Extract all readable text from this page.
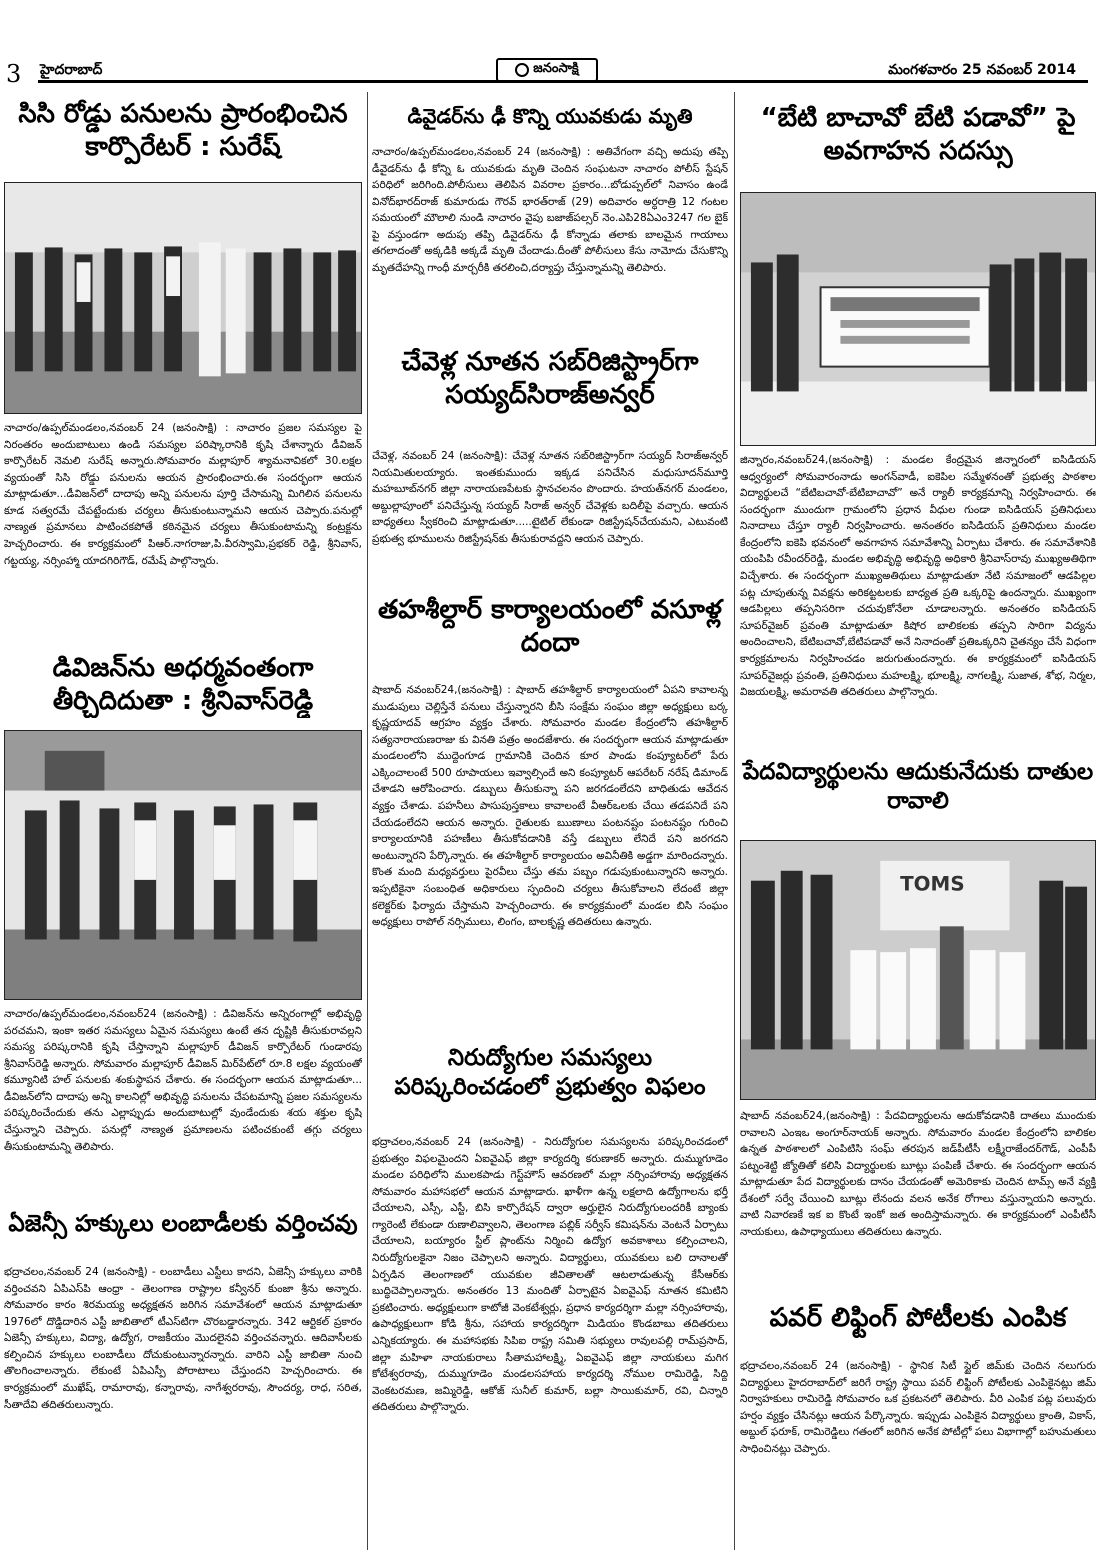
3 హైదరాబాద్	జనంసాక్షి	మంగళవారం 25 నవంబర్ 2014
సిసి రోడ్డు పనులను ప్రారంభించిన కార్పొరేటర్ : సురేష్
నాచారం/ఉప్పల్‌మండలం,నవంబర్ 24 (జనంసాక్షి) : నాచారం ప్రజల సమస్యల పై నిరంతరం అందుబాటులు ఉండి సమస్యల పరిష్కారానికి కృషి చేశాన్నారు డీవిజన్ కార్పొరేటర్ నెమలి సురేష్ అన్నారు.సోమవారం మల్లాపూర్ శ్యామనావికలో 30.లక్షల వ్యయంతో సిసి రోడ్డు పనులను ఆయన ప్రారంభించారు.ఈ సందర్భంగా ఆయన మాట్లాడుతూ...డీవిజన్‌లో దాదాపు అన్ని పనులను పూర్తి చేసామన్ని మిగిలిన పనులను కూడ సత్వరమే చేపట్టేందుకు చర్యలు తీసుకుంటున్నామని ఆయన చెప్పారు.పనుల్లో నాణ్యత ప్రమానలు పాటించకపోతే కఠినమైన చర్యలు తీసుకుంటామన్ని కంట్రక్టను హెచ్చరించారు. ఈ కార్యక్రమంలో పిఆర్.నాగరాజు,పి.వీరస్వామి,ప్రభకర్ రెడ్డి, శ్రీనివాస్, గట్టయ్య, నర్సింహ్మా యాదగిరిగౌడ్, రమేష్ పాల్గొన్నారు.
డివిజన్‌ను అధర్మవంతంగా తీర్చిదిదుతా : శ్రీనివాస్‌రెడ్డి
నాచారం/ఉప్పల్‌మండలం,నవంబర్24 (జనంసాక్షి) : డివిజన్‌ను అన్నిరంగాల్లో అభివృద్ధి పరచమని, ఇంకా ఇతర సమస్యలు ఏమైన సమస్యలు ఉంటే తన దృష్టికి తీసుకురావల్లని సమస్య పరిష్కరానికి కృషి చేస్తాన్నాని మల్లాపూర్ డీవిజన్ కార్పొరేటర్ గుండారపు శ్రీనివాస్‌రెడ్డి అన్నారు. సోమవారం మల్లాపూర్ డీవిజన్ మిర్‌పేట్‌లో రూ.8 లక్షల వ్యయంతో కమ్యూనిటి హల్ పనులకు శంకుస్థాపన చేశారు. ఈ సందర్భంగా ఆయన మాట్లాడుతూ... డీవిజన్‌లోని దాదాపు అన్ని కాలనిల్లో అభివృద్ధి పనులను చేపటమాన్ని ప్రజల సమస్యలను పరిష్కరించేందుకు తను ఎల్లాప్పుడు అందుబాటుల్లో వుండేందుకు శయ శక్తుల కృషి చేస్తున్నాని చెప్పారు. పనుల్లో నాణ్యత ప్రమాణలను పటించకుంటే తగ్గు చర్యలు తీసుకుంటామన్ని తెలిపారు.
ఏజెన్సీ హక్కులు లంబాడీలకు వర్తించవు
భద్రాచలం,నవంబర్ 24 (జనంసాక్షి) - లంబాడీలు ఎస్టీలు కాదని, ఏజెన్సీ హక్కులు వారికి వర్తించవని ఏపిఎస్‌పి ఆంధ్రా - తెలంగాణ రాష్ట్రాల కన్వీనర్ కుంజా శ్రీను అన్నారు. సోమవారం కారం శిరమయ్య అధ్యక్షతన జరిగిన సమావేశంలో ఆయన మాట్లాడుతూ 1976లో దొడ్డిదారిన ఎస్టీ జాబితాలో టీఎస్‌టిగా చొరబడ్డారన్నారు. 342 ఆర్టికల్ ప్రకారం ఏజెన్సీ హక్కులు, విద్యా, ఉద్యోగ, రాజకీయం మొదలైనవి వర్తించవన్నారు. ఆదివాసీలకు కల్పించిన హక్కులు లంబాడీలు దోచుకుంటున్నారన్నారు. వారిని ఎస్టీ జాబితా నుంచి తొలగించాలన్నారు. లేకుంటే ఏపిఎస్పీ పోరాటాలు చేస్తుందని హెచ్చరించారు. ఈ కార్యక్రమంలో ముఖేష్, రామారావు, కన్నారావు, నాగేశ్వరరావు, సౌందర్య, రాధ, సరిత, సీతాదేవి తదితరులున్నారు.
డివైడర్‌ను ఢీ కొన్ని యువకుడు మృతి
నాచారం/ఉప్పల్‌మండలం,నవంబర్ 24 (జనంసాక్షి) : అతివేగంగా వచ్చి అదుపు తప్పి డీవైడర్‌ను ఢీ కోన్ని ఓ యువకుడు మృతి చెందిన సంఘటనా నాచారం పోలీస్ స్టేషన్ పరిధిలో జరిగింది.పోలీసులు తెలిపిన వివరాల ప్రకారం...బోడుప్పల్‌లో నివాసం ఉండే వినోద్‌భారద్‌రాజ్ కుమారుడు గౌరవ్ భారత్‌రాజ్ (29) అదివారం అర్ధరాత్రి 12 గంటల సమయంలో మౌలాలి నుండి నాచారం వైపు బజాజ్‌పల్సర్ నెం.ఎపి28ఏఎం3247 గల బైక్ పై వస్తుండగా అదుపు తప్పి డివైడర్‌ను ఢీ కోన్నాడు తలాకు బాలమైన గాయాలు తగలాదంతో అక్కడికి అక్కడే మృతి చేందాడు.దీంతో పోలీసులు కేసు నామోదు చేసుకొన్ని మృతదేహన్ని గాంధీ మార్చరీకి తరలించి,దర్యాప్తు చేస్తున్నామన్ని తెలిపారు.
చేవెళ్ల నూతన సబ్‌రిజిస్ట్రార్‌గా సయ్యద్‌సిరాజ్‌అన్వర్
చేవెళ్ల, నవంబర్ 24 (జనంసాక్షి): చేవెళ్ల నూతన సబ్‌రిజిస్ట్రార్‌గా సయ్యద్ సిరాజ్‌అన్వర్ నియమితులయ్యారు. ఇంతకుముందు ఇక్కడ పనిచేసిన మధుసూదన్‌మూర్తి మహబూబ్‌నగర్ జిల్లా నారాయణపేటకు స్థానచలనం పొందారు. హయత్‌నగర్ మండలం, అబ్దుల్లాపూంలో పనిచేస్తున్న సయ్యద్ సిరాజ్ అన్వర్ చేవెళ్లకు బదిలీపై వచ్చారు. ఆయన బాధ్యతలు స్వీకరించి మాట్లాడుతూ.....టైటిల్ లేకుండా రిజిస్ట్రేషన్‌చేయమని, ఎటువంటి ప్రభుత్వ భూములను రిజిస్ట్రేషన్‌కు తీసుకురావద్దని ఆయన చెప్పారు.
తహశీల్దార్ కార్యాలయంలో వసూళ్ల దందా
షాబాద్ నవంబర్24,(జనంసాక్షి) : షాబాద్ తహశీల్దార్ కార్యాలయంలో ఏపని కావాలన్న ముడుపులు చెల్లిస్తేనే పనులు చేస్తున్నారని బీసి సంక్షేమ సంఘం జిల్లా అధ్యక్షులు బర్క కృష్ణయాదవ్ ఆగ్రహం వ్యక్తం చేశారు. సోమవారం మండల కేంద్రంలోని తహశీల్దార్ సత్యనారాయణరాజు కు వినతి పత్రం అందజేశారు. ఈ సందర్భంగా ఆయన మాట్లాడుతూ మండలంలోని ముద్దెంగూడ గ్రామానికి చెందిన కూర పాండు కంప్యూటర్‌లో పేరు ఎక్కించాలంటే 500 రూపాయలు ఇవ్వాల్సిందే అని కంప్యూటర్ ఆపరేటర్ నరేష్ డిమాండ్ చేశాడని ఆరోపించారు. డబ్బులు తీసుకున్నా పని జరగడంలేదని బాధితుడు ఆవేదన వ్యక్తం చేశాడు. పహనీలు పాసుపుస్తకాలు కావాలంటే వీఆర్‌ఒలకు చేయి తడపనిదే పని చేయడంలేదని ఆయన అన్నారు. రైతులకు ఋణాలు పంటనష్టం పంటనష్టం గురించి కార్యాలయానికి పహణీలు తీసుకోవడానికి వస్తే డబ్బులు లేనిదే పని జరగదని అంటున్నారని పేర్కొన్నారు. ఈ తహశీల్దార్ కార్యాలయం అవినీతికి అడ్డగా మారిందన్నారు. కొంత మంది మధ్యవర్తులు పైరవీలు చేస్తు తమ పబ్బం గడుపుకుంటున్నారని అన్నారు. ఇప్పటికైనా సంబంధిత అధికారులు స్పందించి చర్యలు తీసుకోవాలని లేదంటే జిల్లా కలెక్టర్‌కు ఫిర్యాదు చేస్తామని హెచ్చరించారు. ఈ కార్యక్రమంలో మండల బిసి సంఘం అధ్యక్షులు రాపోల్ నర్సిములు, లింగం, బాలకృష్ణ తదితరులు ఉన్నారు.
నిరుద్యోగుల సమస్యలు పరిష్కరించడంలో ప్రభుత్వం విఫలం
భద్రాచలం,నవంబర్ 24 (జనంసాక్షి) - నిరుద్యోగుల సమస్యలను పరిష్కరించడంలో ప్రభుత్వం విఫలమైందని ఏఐవైఎఫ్ జిల్లా కార్యదర్శి కరుణాకర్ అన్నారు. దుమ్ముగూడెం మండల పరిధిలోని ములకపాడు గెస్ట్‌హౌస్ ఆవరణలో మల్లా నర్సింహారావు అధ్యక్షతన సోమవారం మహాసభలో ఆయన మాట్లాడారు. ఖాళీగా ఉన్న లక్షలాది ఉద్యోగాలను భర్తీ చేయాలని, ఎస్సీ, ఎస్టీ, బిసి కార్పొరేషన్ ద్వారా అర్హులైన నిరుద్యోగులందరికీ బ్యాంకు గ్యారెంటీ లేకుండా రుణాలివ్వాలని, తెలంగాణ పబ్లిక్ సర్వీస్ కమిషన్‌ను వెంటనే ఏర్పాటు చేయాలని, బయ్యారం స్టీల్ ప్లాంట్‌ను నిర్మించి ఉద్యోగ అవకాశాలు కల్పించాలని, నిరుద్యోగులకైనా నిజం చెప్పాలని అన్నారు. విద్యార్థులు, యువకులు బలి దానాలతో ఏర్పడిన తెలంగాణలో యువకుల జీవితాలతో ఆటలాడుతున్న కేసీఆర్‌కు బుద్ధిచెప్పాలన్నారు. అనంతరం 13 మందితో ఏర్పాటైన ఏఐవైఎఫ్ నూతన కమిటిని ప్రకటించారు. అధ్యక్షులుగా కాటోజీ వెంకటేశ్వర్లు, ప్రధాన కార్యదర్శిగా మల్లా నర్సింహారావు, ఉపాధ్యక్షులుగా కోడి శ్రీను, సహాయ కార్యదర్శిగా మిడియం కొండబాబు తదితరులు ఎన్నికయ్యారు. ఈ మహాసభకు సిపిఐ రాష్ట్ర సమితి సభ్యులు రావులపల్లి రామ్‌ప్రసాద్, జిల్లా మహిళా నాయకురాలు సీతామహాలక్ష్మి, ఏఐవైఎఫ్ జిల్లా నాయకులు మగిగ కోటేశ్వరరావు, దుమ్ముగూడెం మండలసహాయ కార్యదర్శి నోముల రామిరెడ్డి, సిద్ది వెంకటరమణ, జమ్మిరెడ్డి, ఆకోజ్ సునీల్ కుమార్, బల్లా సాయికుమార్, రవి, చిన్నారి తదితరులు పాల్గొన్నారు.
“బేటి బాచావో బేటి పడావో” పై అవగాహన సదస్సు
జిన్నారం,నవంబర్24,(జనంసాక్షి) : మండల కేంద్రమైన జిన్నారంలో ఐసిడియస్ ఆధ్వర్యంలో సోమవారంనాడు అంగన్‌వాడీ, ఐకెపిల సమ్మేళనంతో ప్రభుత్వ పాఠశాల విద్యార్థులచే “బేటిబచావో-బేటిబాచావో” అనే ర్యాలీ కార్యక్రమాన్ని నిర్వహించారు. ఈ సందర్భంగా ముందుగా గ్రామంలోని ప్రధాన వీధుల గుండా ఐసిడియస్ ప్రతినిధులు నినాదాలు చేస్తూ ర్యాలీ నిర్వహించారు. అనంతరం ఐసిడియస్ ప్రతినిధులు మండల కేంద్రంలోని ఐకెపి భవనంలో అవగాహన సమావేశాన్ని ఏర్పాటు చేశారు. ఈ సమావేశానికి యంపిపి రవీందర్‌రెడ్డి, మండల అభివృద్ధి అభివృద్ధి అధికారి శ్రీనివాస్‌రావు ముఖ్యఅతిథిగా విచ్చేశారు. ఈ సందర్భంగా ముఖ్యఅతిథులు మాట్లాడుతూ నేటి సమాజంలో ఆడపిల్లల పట్ల చూపుతున్న వివక్షను అరికట్టటలకు బాధ్యత ప్రతి ఒక్కరిపై ఉందన్నారు. ముఖ్యంగా ఆడపిల్లలు తప్పనిసరిగా చదువుకోనేలా చూడాలన్నారు. అనంతరం ఐసిడియస్ సూపర్‌వైజర్ ప్రవంతి మాట్లాడుతూ కిషోర బాలికలకు తప్పని సారిగా విద్యను అందించాలని, బేటిబచావో,బేటిపడావో అనే నినాదంతో ప్రతిఒక్కరిని చైతన్యం చేసే విధంగా కార్యక్రమాలను నిర్వహించడం జరుగుతుందన్నారు. ఈ కార్యక్రమంలో ఐసిడియస్ సూపర్‌వైజర్లు ప్రవంతి, ప్రతినిధులు మహలక్ష్మి, భూలక్ష్మి, నాగలక్ష్మి, సుజాత, శోభ, నిర్మల, విజయలక్ష్మి, అమరావతి తదితరులు పాల్గొన్నారు.
పేదవిద్యార్థులను ఆదుకునేదుకు దాతుల రావాలి
TOMS
షాబాద్ నవంబర్24,(జనంసాక్షి) : పేదవిద్యార్థులను ఆదుకోవడానికి దాతలు ముందుకు రావాలని ఎంఇఒ అంగూర్‌నాయక్ అన్నారు. సోమవారం మండల కేంద్రంలోని బాలికల ఉన్నత పాఠశాలలో ఎంపిటిసి సంఘ్ తరపున జడ్‌పీటీసీ లక్ష్మీరాజేందర్‌గౌడ్, ఎంపీపీ పట్నంశెట్టి జ్యోతితో కలిసి విద్యార్థులకు బూట్లు పంపిణీ చేశారు. ఈ సందర్భంగా ఆయన మాట్లాడుతూ పేద విద్యార్థులకు దానం చేయడంతో అమెరికాకు చెందిన టామ్స్ అనే వ్యక్తి దేశంలో సర్వే చేయించి బూట్లు లేనందు వలన అనేక రోగాలు వస్తున్నాయని అన్నారు. వాటి నివారణకే ఇక ఐ కొంటే ఇంకో జత అందిస్తామన్నారు. ఈ కార్యక్రమంలో ఎంపీటీసీ నాయకులు, ఉపాధ్యాయులు తదితరులు ఉన్నారు.
పవర్ లిఫ్టింగ్ పోటీలకు ఎంపిక
భద్రాచలం,నవంబర్ 24 (జనంసాక్షి) - స్థానిక సిటీ స్టైల్ జిమ్‌కు చెందిన నలుగురు విద్యార్థులు హైదరాబాద్‌లో జరిగే రాష్ట్ర స్థాయి పవర్ లిఫ్టింగ్ పోటీలకు ఎంపికైనట్లు జిమ్ నిర్వాహకులు రామిరెడ్డి సోమవారం ఒక ప్రకటనలో తెలిపారు. వీరి ఎంపిక పట్ల పలువురు హర్షం వ్యక్తం చేసినట్లు ఆయన పేర్కొన్నారు. ఇప్పుడు ఎంపికైన విద్యార్థులు క్రాంతి, వికాస్, అబ్దుల్ ఫరూక్, రామిరెడ్డిలు గతంలో జరిగిన అనేక పోటీల్లో పలు విభాగాల్లో బహుమతులు సాధించినట్లు చెప్పారు.
